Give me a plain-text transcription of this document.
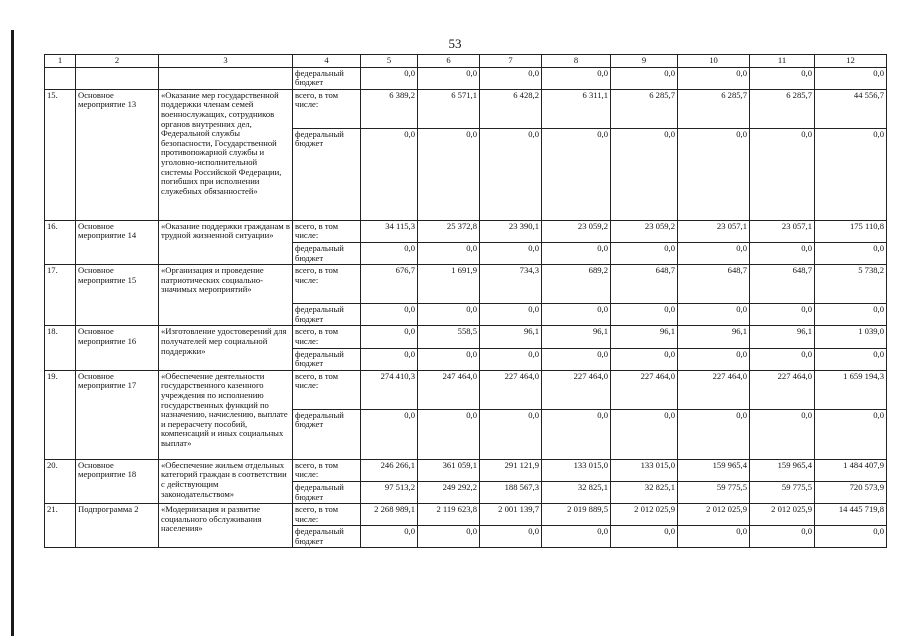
53
1	2	3	4	5	6	7	8	9	10	11	12
			федеральный бюджет	0,0	0,0	0,0	0,0	0,0	0,0	0,0	0,0
15.	Основное мероприятие 13	«Оказание мер государственной поддержки членам семей военнослужащих, сотрудников органов внутренних дел, Федеральной службы безопасности, Государственной противопожарной службы и уголовно-исполнительной системы Российской Федерации, погибших при исполнении служебных обязанностей»	всего, в том числе:	6 389,2	6 571,1	6 428,2	6 311,1	6 285,7	6 285,7	6 285,7	44 556,7
			федеральный бюджет	0,0	0,0	0,0	0,0	0,0	0,0	0,0	0,0
16.	Основное мероприятие 14	«Оказание поддержки гражданам в трудной жизненной ситуации»	всего, в том числе:	34 115,3	25 372,8	23 390,1	23 059,2	23 059,2	23 057,1	23 057,1	175 110,8
			федеральный бюджет	0,0	0,0	0,0	0,0	0,0	0,0	0,0	0,0
17.	Основное мероприятие 15	«Организация и проведение патриотических социально-значимых мероприятий»	всего, в том числе:	676,7	1 691,9	734,3	689,2	648,7	648,7	648,7	5 738,2
			федеральный бюджет	0,0	0,0	0,0	0,0	0,0	0,0	0,0	0,0
18.	Основное мероприятие 16	«Изготовление удостоверений для получателей мер социальной поддержки»	всего, в том числе:	0,0	558,5	96,1	96,1	96,1	96,1	96,1	1 039,0
			федеральный бюджет	0,0	0,0	0,0	0,0	0,0	0,0	0,0	0,0
19.	Основное мероприятие 17	«Обеспечение деятельности государственного казенного учреждения по исполнению государственных функций по назначению, начислению, выплате и перерасчету пособий, компенсаций и иных социальных выплат»	всего, в том числе:	274 410,3	247 464,0	227 464,0	227 464,0	227 464,0	227 464,0	227 464,0	1 659 194,3
			федеральный бюджет	0,0	0,0	0,0	0,0	0,0	0,0	0,0	0,0
20.	Основное мероприятие 18	«Обеспечение жильем отдельных категорий граждан в соответствии с действующим законодательством»	всего, в том числе:	246 266,1	361 059,1	291 121,9	133 015,0	133 015,0	159 965,4	159 965,4	1 484 407,9
			федеральный бюджет	97 513,2	249 292,2	188 567,3	32 825,1	32 825,1	59 775,5	59 775,5	720 573,9
21.	Подпрограмма 2	«Модернизация и развитие социального обслуживания населения»	всего, в том числе:	2 268 989,1	2 119 623,8	2 001 139,7	2 019 889,5	2 012 025,9	2 012 025,9	2 012 025,9	14 445 719,8
			федеральный бюджет	0,0	0,0	0,0	0,0	0,0	0,0	0,0	0,0
